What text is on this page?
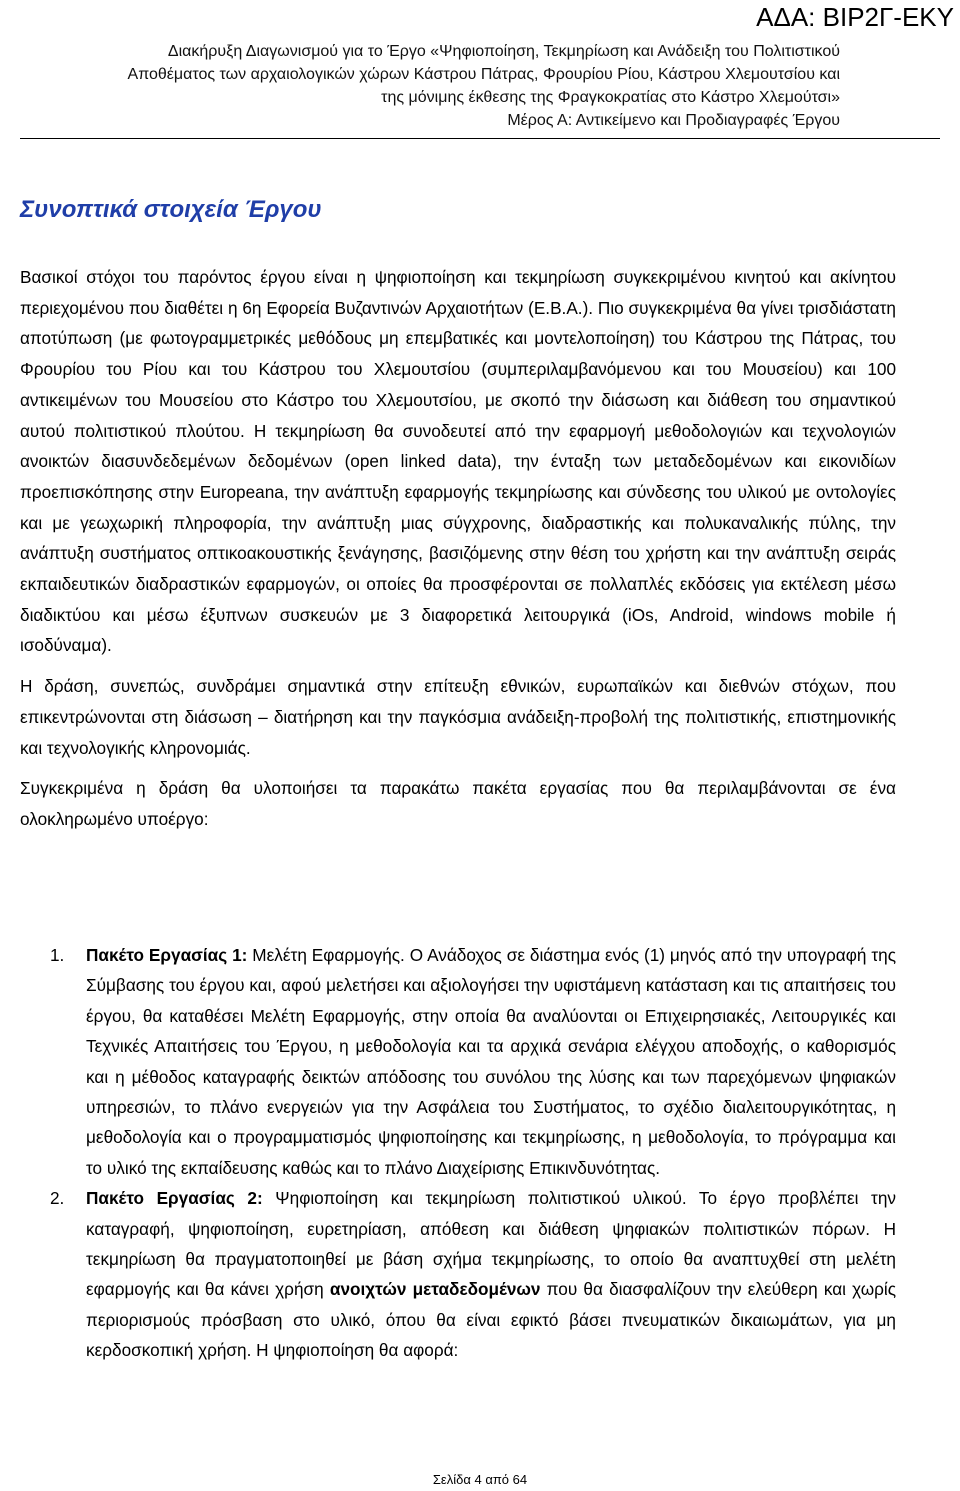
ΑΔΑ: ΒΙΡ2Γ-ΕΚΥ
Διακήρυξη Διαγωνισμού για το Έργο «Ψηφιοποίηση, Τεκμηρίωση και Ανάδειξη του Πολιτιστικού
Αποθέματος των αρχαιολογικών χώρων Κάστρου Πάτρας, Φρουρίου Ρίου, Κάστρου Χλεμουτσίου και
της μόνιμης έκθεσης της Φραγκοκρατίας στο Κάστρο Χλεμούτσι»
Μέρος Α: Αντικείμενο και Προδιαγραφές Έργου
Συνοπτικά στοιχεία Έργου

Βασικοί στόχοι του παρόντος έργου είναι η ψηφιοποίηση και τεκμηρίωση συγκεκριμένου κινητού και ακίνητου περιεχομένου που διαθέτει η 6η Εφορεία Βυζαντινών Αρχαιοτήτων (Ε.Β.Α.). Πιο συγκεκριμένα θα γίνει τρισδιάστατη αποτύπωση (με φωτογραμμετρικές μεθόδους μη επεμβατικές και μοντελοποίηση) του Κάστρου της Πάτρας, του Φρουρίου του Ρίου και του Κάστρου του Χλεμουτσίου (συμπεριλαμβανόμενου και του Μουσείου) και 100 αντικειμένων του Μουσείου στο Κάστρο του Χλεμουτσίου, με σκοπό την διάσωση και διάθεση του σημαντικού αυτού πολιτιστικού πλούτου. Η τεκμηρίωση θα συνοδευτεί από την εφαρμογή μεθοδολογιών και τεχνολογιών ανοικτών διασυνδεδεμένων δεδομένων (open linked data), την ένταξη των μεταδεδομένων και εικονιδίων προεπισκόπησης στην Europeana, την ανάπτυξη εφαρμογής τεκμηρίωσης και σύνδεσης του υλικού με οντολογίες και με γεωχωρική πληροφορία, την ανάπτυξη μιας σύγχρονης, διαδραστικής και πολυκαναλικής πύλης, την ανάπτυξη συστήματος οπτικοακουστικής ξενάγησης, βασιζόμενης στην θέση του χρήστη και την ανάπτυξη σειράς εκπαιδευτικών διαδραστικών εφαρμογών, οι οποίες θα προσφέρονται σε πολλαπλές εκδόσεις για εκτέλεση μέσω διαδικτύου και μέσω έξυπνων συσκευών με 3 διαφορετικά λειτουργικά (iOs, Android, windows mobile ή ισοδύναμα).

Η δράση, συνεπώς, συνδράμει σημαντικά στην επίτευξη εθνικών, ευρωπαϊκών και διεθνών στόχων, που επικεντρώνονται στη διάσωση – διατήρηση και την παγκόσμια ανάδειξη-προβολή της πολιτιστικής, επιστημονικής και τεχνολογικής κληρονομιάς.

Συγκεκριμένα η δράση θα υλοποιήσει τα παρακάτω πακέτα εργασίας που θα περιλαμβάνονται σε ένα ολοκληρωμένο υποέργο:

1. Πακέτο Εργασίας 1: Μελέτη Εφαρμογής. Ο Ανάδοχος σε διάστημα ενός (1) μηνός από την υπογραφή της Σύμβασης του έργου και, αφού μελετήσει και αξιολογήσει την υφιστάμενη κατάσταση και τις απαιτήσεις του έργου, θα καταθέσει Μελέτη Εφαρμογής, στην οποία θα αναλύονται οι Επιχειρησιακές, Λειτουργικές και Τεχνικές Απαιτήσεις του Έργου, η μεθοδολογία και τα αρχικά σενάρια ελέγχου αποδοχής, ο καθορισμός και η μέθοδος καταγραφής δεικτών απόδοσης του συνόλου της λύσης και των παρεχόμενων ψηφιακών υπηρεσιών, το πλάνο ενεργειών για την Ασφάλεια του Συστήματος, το σχέδιο διαλειτουργικότητας, η μεθοδολογία και ο προγραμματισμός ψηφιοποίησης και τεκμηρίωσης, η μεθοδολογία, το πρόγραμμα και το υλικό της εκπαίδευσης καθώς και το πλάνο Διαχείρισης Επικινδυνότητας.
2. Πακέτο Εργασίας 2: Ψηφιοποίηση και τεκμηρίωση πολιτιστικού υλικού. Το έργο προβλέπει την καταγραφή, ψηφιοποίηση, ευρετηρίαση, απόθεση και διάθεση ψηφιακών πολιτιστικών πόρων. Η τεκμηρίωση θα πραγματοποιηθεί με βάση σχήμα τεκμηρίωσης, το οποίο θα αναπτυχθεί στη μελέτη εφαρμογής και θα κάνει χρήση ανοιχτών μεταδεδομένων που θα διασφαλίζουν την ελεύθερη και χωρίς περιορισμούς πρόσβαση στο υλικό, όπου θα είναι εφικτό βάσει πνευματικών δικαιωμάτων, για μη κερδοσκοπική χρήση. Η ψηφιοποίηση θα αφορά:
Σελίδα 4 από 64
